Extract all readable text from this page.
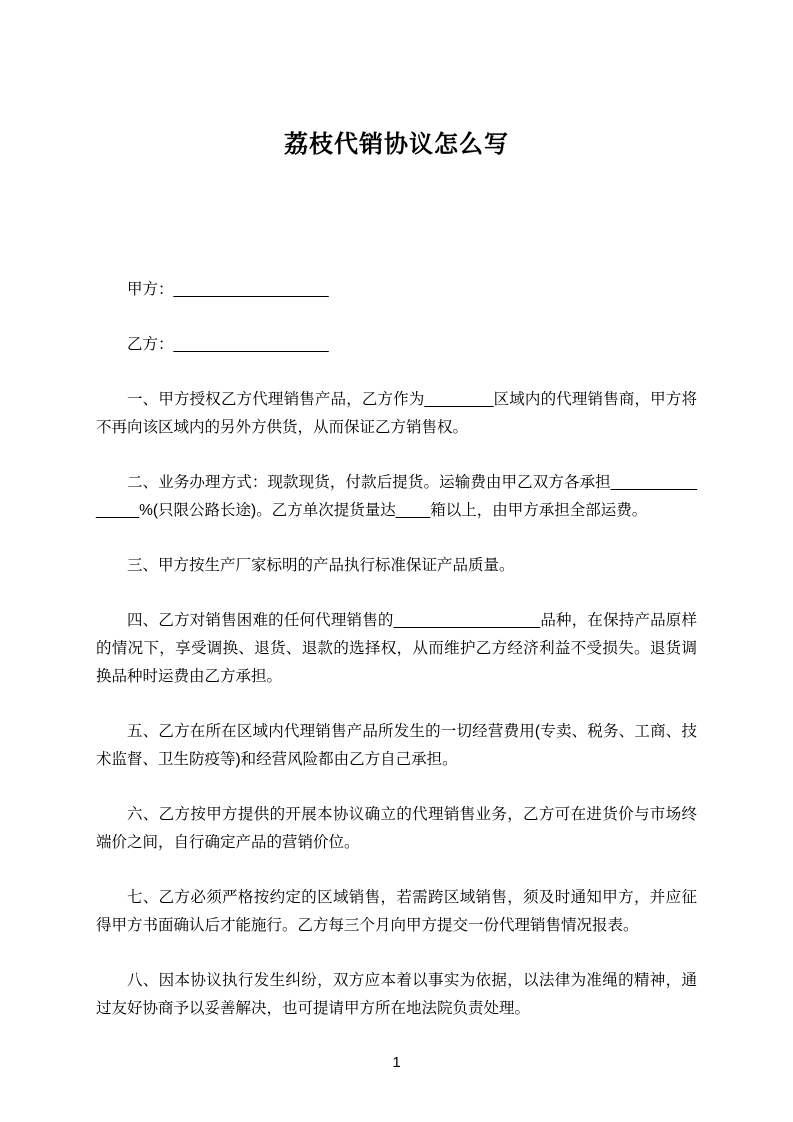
荔枝代销协议怎么写
甲方：__________________
乙方：__________________

一、甲方授权乙方代理销售产品，乙方作为________区域内的代理销售商，甲方将不再向该区域内的另外方供货，从而保证乙方销售权。

二、业务办理方式：现款现货，付款后提货。运输费由甲乙双方各承担_______________%(只限公路长途)。乙方单次提货量达____箱以上，由甲方承担全部运费。

三、甲方按生产厂家标明的产品执行标准保证产品质量。

四、乙方对销售困难的任何代理销售的_________________品种，在保持产品原样的情况下，享受调换、退货、退款的选择权，从而维护乙方经济利益不受损失。退货调换品种时运费由乙方承担。

五、乙方在所在区域内代理销售产品所发生的一切经营费用(专卖、税务、工商、技术监督、卫生防疫等)和经营风险都由乙方自己承担。

六、乙方按甲方提供的开展本协议确立的代理销售业务，乙方可在进货价与市场终端价之间，自行确定产品的营销价位。

七、乙方必须严格按约定的区域销售，若需跨区域销售，须及时通知甲方，并应征得甲方书面确认后才能施行。乙方每三个月向甲方提交一份代理销售情况报表。

八、因本协议执行发生纠纷，双方应本着以事实为依据，以法律为准绳的精神，通过友好协商予以妥善解决，也可提请甲方所在地法院负责处理。

1
